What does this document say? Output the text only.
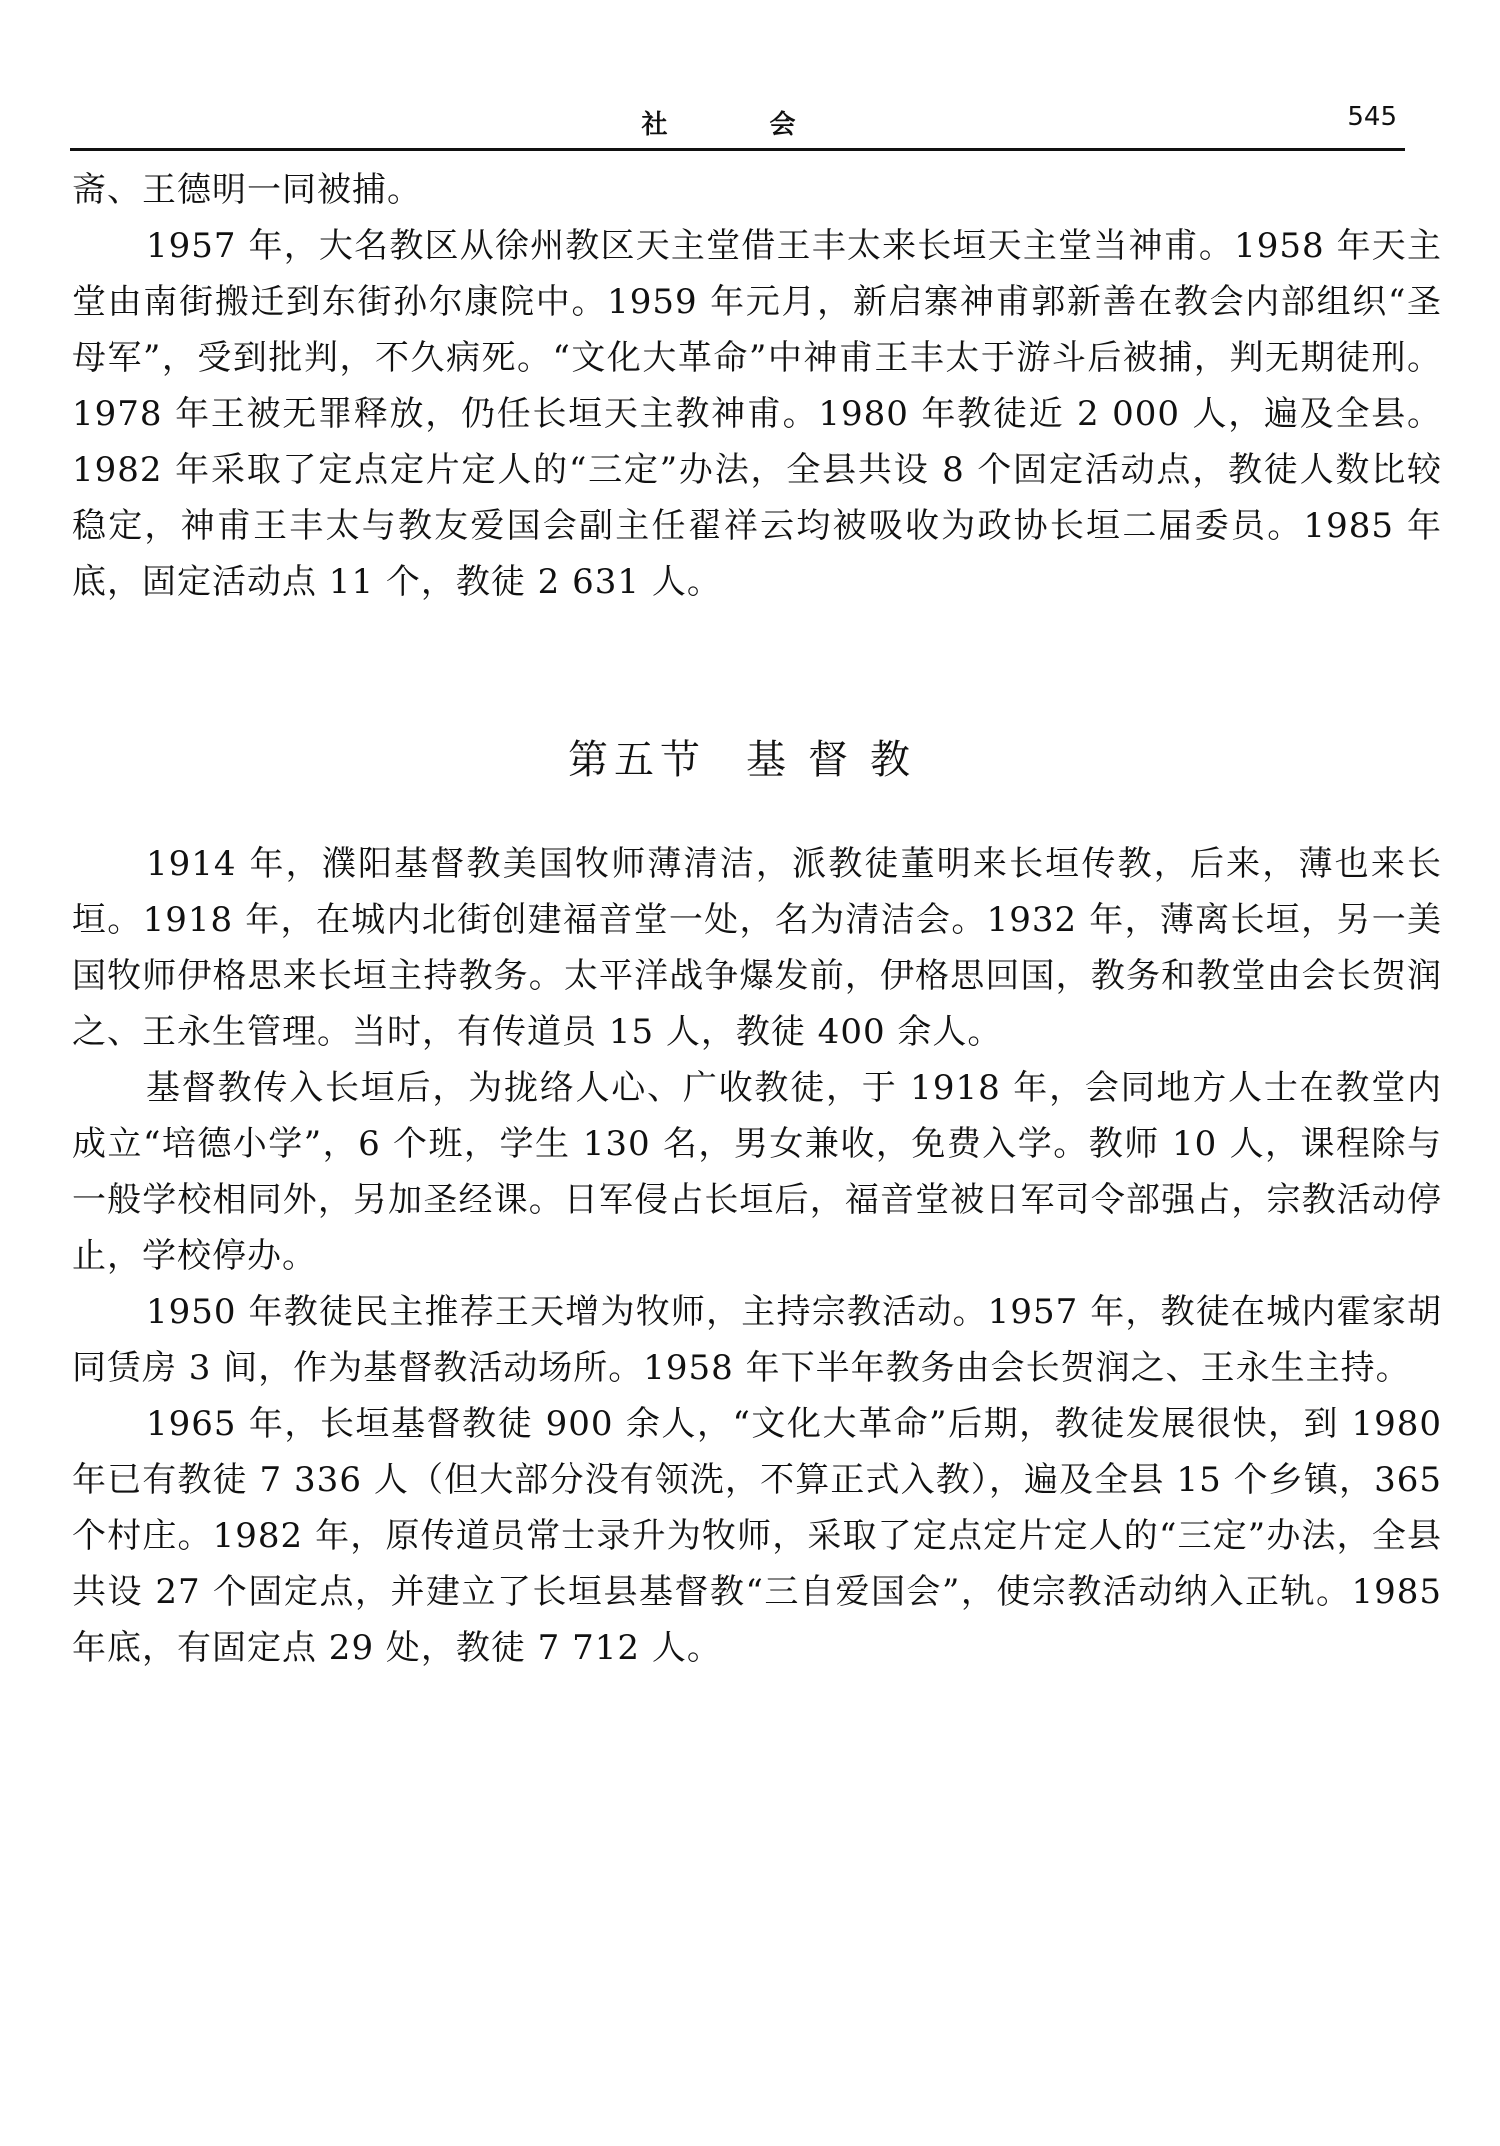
社　会	545

斋、王德明一同被捕。

1957 年，大名教区从徐州教区天主堂借王丰太来长垣天主堂当神甫。1958 年天主堂由南街搬迁到东街孙尔康院中。1959 年元月，新启寨神甫郭新善在教会内部组织“圣母军”，受到批判，不久病死。“文化大革命”中神甫王丰太于游斗后被捕，判无期徒刑。1978 年王被无罪释放，仍任长垣天主教神甫。1980 年教徒近 2 000 人，遍及全县。1982 年采取了定点定片定人的“三定”办法，全县共设 8 个固定活动点，教徒人数比较稳定，神甫王丰太与教友爱国会副主任翟祥云均被吸收为政协长垣二届委员。1985 年底，固定活动点 11 个，教徒 2 631 人。

第五节 基督教

1914 年，濮阳基督教美国牧师薄清洁，派教徒董明来长垣传教，后来，薄也来长垣。1918 年，在城内北街创建福音堂一处，名为清洁会。1932 年，薄离长垣，另一美国牧师伊格思来长垣主持教务。太平洋战争爆发前，伊格思回国，教务和教堂由会长贺润之、王永生管理。当时，有传道员 15 人，教徒 400 余人。

基督教传入长垣后，为拢络人心、广收教徒，于 1918 年，会同地方人士在教堂内成立“培德小学”，6 个班，学生 130 名，男女兼收，免费入学。教师 10 人，课程除与一般学校相同外，另加圣经课。日军侵占长垣后，福音堂被日军司令部强占，宗教活动停止，学校停办。

1950 年教徒民主推荐王天增为牧师，主持宗教活动。1957 年，教徒在城内霍家胡同赁房 3 间，作为基督教活动场所。1958 年下半年教务由会长贺润之、王永生主持。

1965 年，长垣基督教徒 900 余人，“文化大革命”后期，教徒发展很快，到 1980 年已有教徒 7 336 人（但大部分没有领洗，不算正式入教），遍及全县 15 个乡镇，365 个村庄。1982 年，原传道员常士录升为牧师，采取了定点定片定人的“三定”办法，全县共设 27 个固定点，并建立了长垣县基督教“三自爱国会”，使宗教活动纳入正轨。1985 年底，有固定点 29 处，教徒 7 712 人。
